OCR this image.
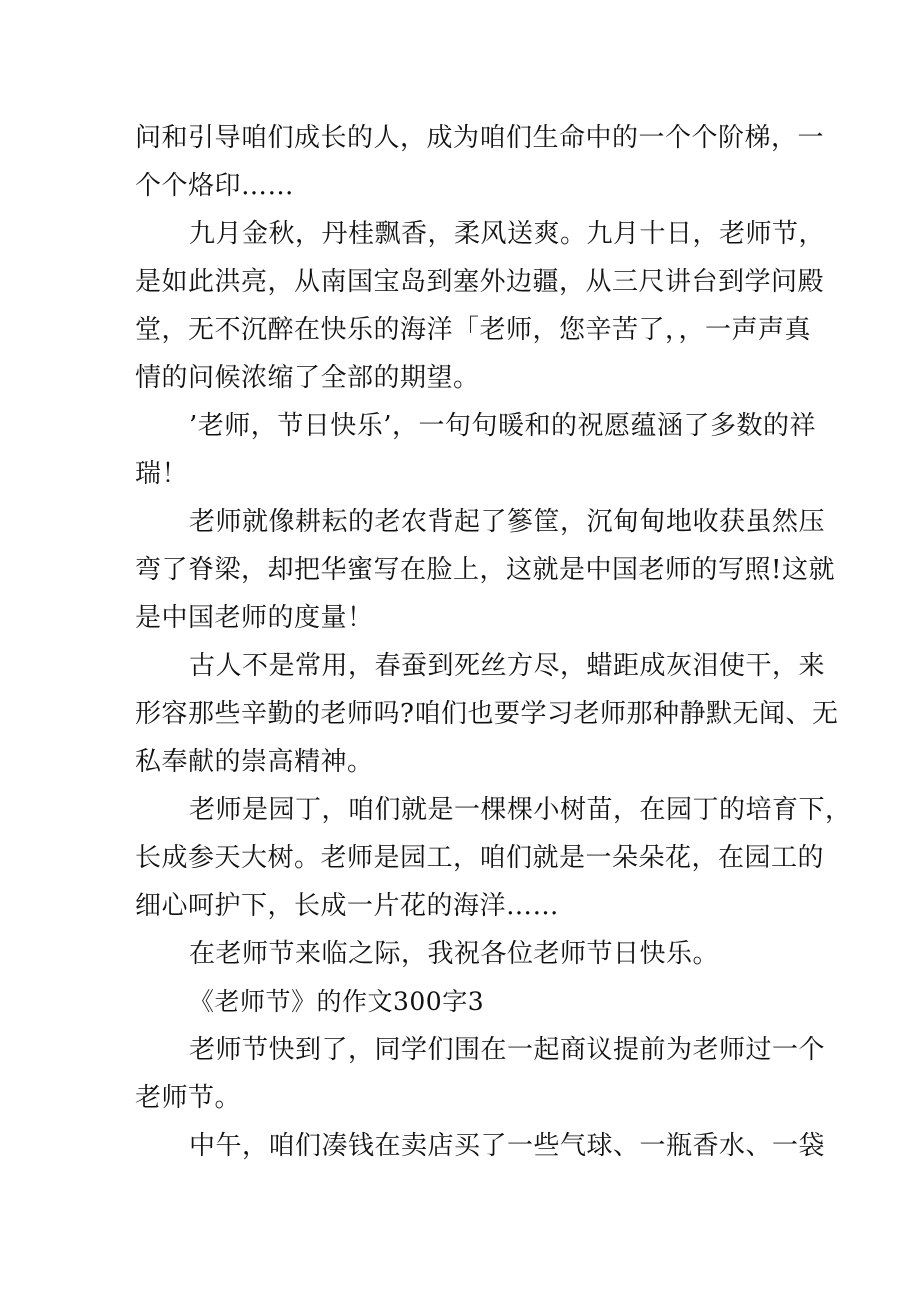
问和引导咱们成长的人，成为咱们生命中的一个个阶梯，一
个个烙印……
九月金秋，丹桂飘香，柔风送爽。九月十日，老师节，
是如此洪亮，从南国宝岛到塞外边疆，从三尺讲台到学问殿
堂，无不沉醉在快乐的海洋「老师，您辛苦了，，一声声真
情的问候浓缩了全部的期望。
’老师，节日快乐’，一句句暖和的祝愿蕴涵了多数的祥
瑞！
老师就像耕耘的老农背起了篸筐，沉甸甸地收获虽然压
弯了脊梁，却把华蜜写在脸上，这就是中国老师的写照!这就
是中国老师的度量！
古人不是常用，春蚕到死丝方尽，蜡距成灰泪使干，来
形容那些辛勤的老师吗?咱们也要学习老师那种静默无闻、无
私奉献的崇高精神。
老师是园丁，咱们就是一棵棵小树苗，在园丁的培育下，
长成参天大树。老师是园工，咱们就是一朵朵花，在园工的
细心呵护下，长成一片花的海洋……
在老师节来临之际，我祝各位老师节日快乐。
《老师节》的作文300字3
老师节快到了，同学们围在一起商议提前为老师过一个
老师节。
中午，咱们凑钱在卖店买了一些气球、一瓶香水、一袋
